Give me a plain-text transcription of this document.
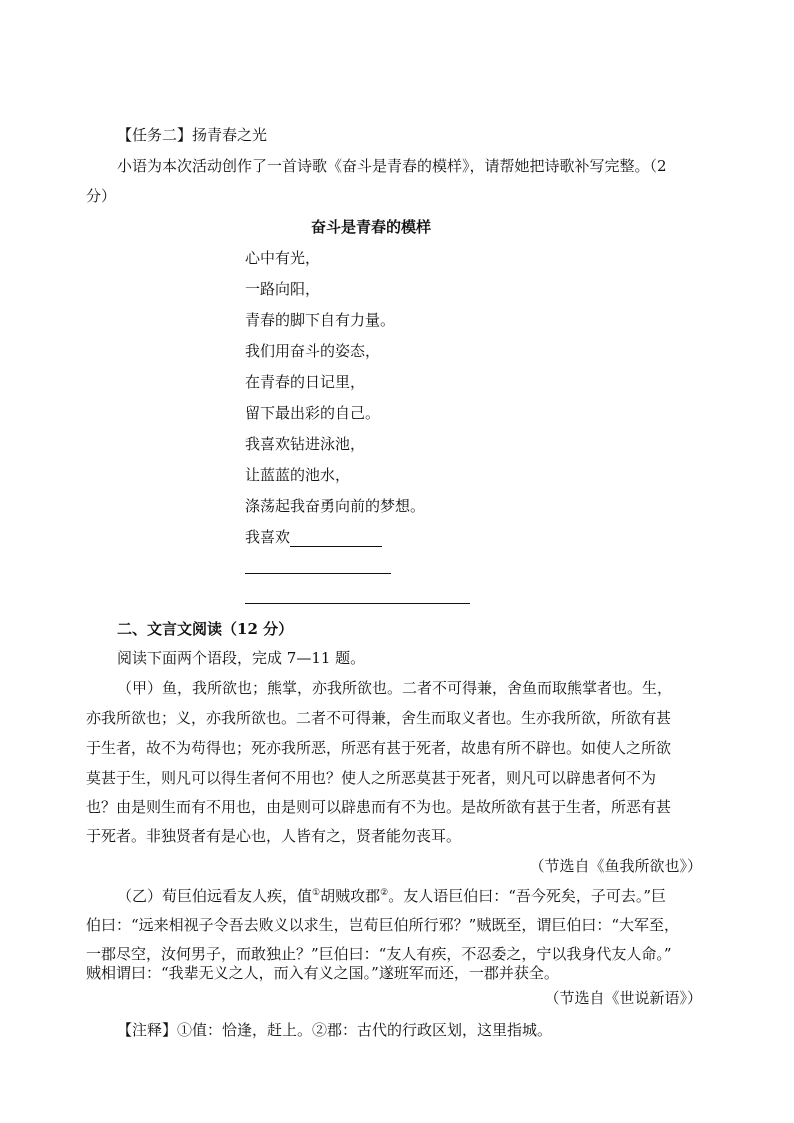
【任务二】扬青春之光
小语为本次活动创作了一首诗歌《奋斗是青春的模样》，请帮她把诗歌补写完整。（2
分）
奋斗是青春的模样
心中有光，
一路向阳，
青春的脚下自有力量。
我们用奋斗的姿态，
在青春的日记里，
留下最出彩的自己。
我喜欢钻进泳池，
让蓝蓝的池水，
涤荡起我奋勇向前的梦想。
我喜欢
二、文言文阅读（12 分）
阅读下面两个语段，完成 7—11 题。
（甲）鱼，我所欲也；熊掌，亦我所欲也。二者不可得兼，舍鱼而取熊掌者也。生，
亦我所欲也；义，亦我所欲也。二者不可得兼，舍生而取义者也。生亦我所欲，所欲有甚
于生者，故不为苟得也；死亦我所恶，所恶有甚于死者，故患有所不辟也。如使人之所欲
莫甚于生，则凡可以得生者何不用也？使人之所恶莫甚于死者，则凡可以辟患者何不为
也？由是则生而有不用也，由是则可以辟患而有不为也。是故所欲有甚于生者，所恶有甚
于死者。非独贤者有是心也，人皆有之，贤者能勿丧耳。
（节选自《鱼我所欲也》）
（乙）荀巨伯远看友人疾，值①胡贼攻郡②。友人语巨伯曰：“吾今死矣，子可去。”巨
伯曰：“远来相视子令吾去败义以求生，岂荀巨伯所行邪？”贼既至，谓巨伯曰：“大军至，
一郡尽空，汝何男子，而敢独止？”巨伯曰：“友人有疾，不忍委之，宁以我身代友人命。”
贼相谓曰：“我辈无义之人，而入有义之国。”遂班军而还，一郡并获全。
（节选自《世说新语》）
【注释】①值：恰逢，赶上。②郡：古代的行政区划，这里指城。
